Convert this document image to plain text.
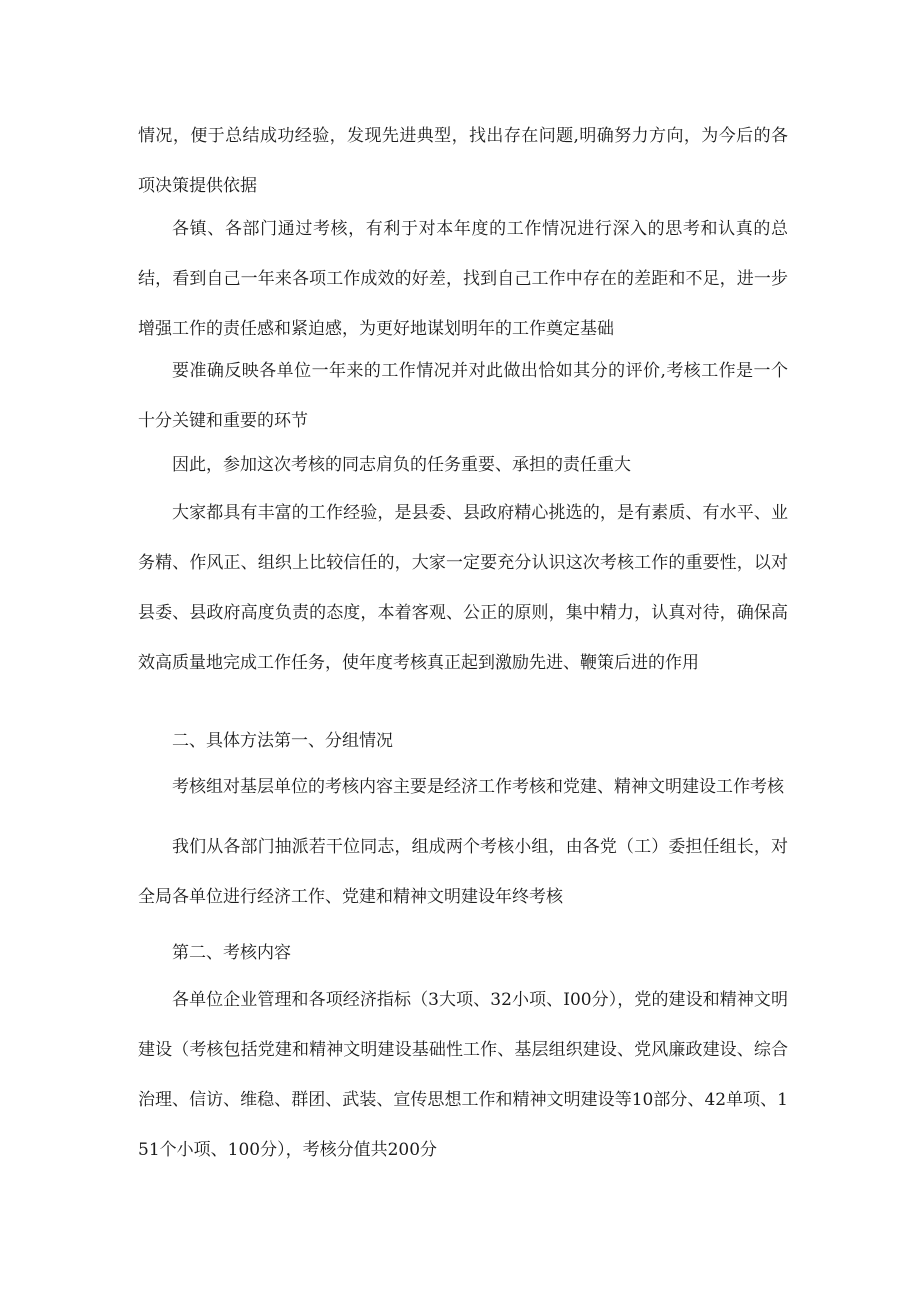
情况，便于总结成功经验，发现先进典型，找出存在问题,明确努力方向，为今后的各项决策提供依据

各镇、各部门通过考核，有利于对本年度的工作情况进行深入的思考和认真的总结，看到自己一年来各项工作成效的好差，找到自己工作中存在的差距和不足，进一步增强工作的责任感和紧迫感，为更好地谋划明年的工作奠定基础

要准确反映各单位一年来的工作情况并对此做出恰如其分的评价,考核工作是一个十分关键和重要的环节

因此，参加这次考核的同志肩负的任务重要、承担的责任重大

大家都具有丰富的工作经验，是县委、县政府精心挑选的，是有素质、有水平、业务精、作风正、组织上比较信任的，大家一定要充分认识这次考核工作的重要性，以对县委、县政府高度负责的态度，本着客观、公正的原则，集中精力，认真对待，确保高效高质量地完成工作任务，使年度考核真正起到激励先进、鞭策后进的作用

二、具体方法第一、分组情况

考核组对基层单位的考核内容主要是经济工作考核和党建、精神文明建设工作考核

我们从各部门抽派若干位同志，组成两个考核小组，由各党（工）委担任组长，对全局各单位进行经济工作、党建和精神文明建设年终考核

第二、考核内容

各单位企业管理和各项经济指标（3大项、32小项、I00分），党的建设和精神文明建设（考核包括党建和精神文明建设基础性工作、基层组织建设、党风廉政建设、综合治理、信访、维稳、群团、武装、宣传思想工作和精神文明建设等10部分、42单项、151个小项、100分），考核分值共200分
